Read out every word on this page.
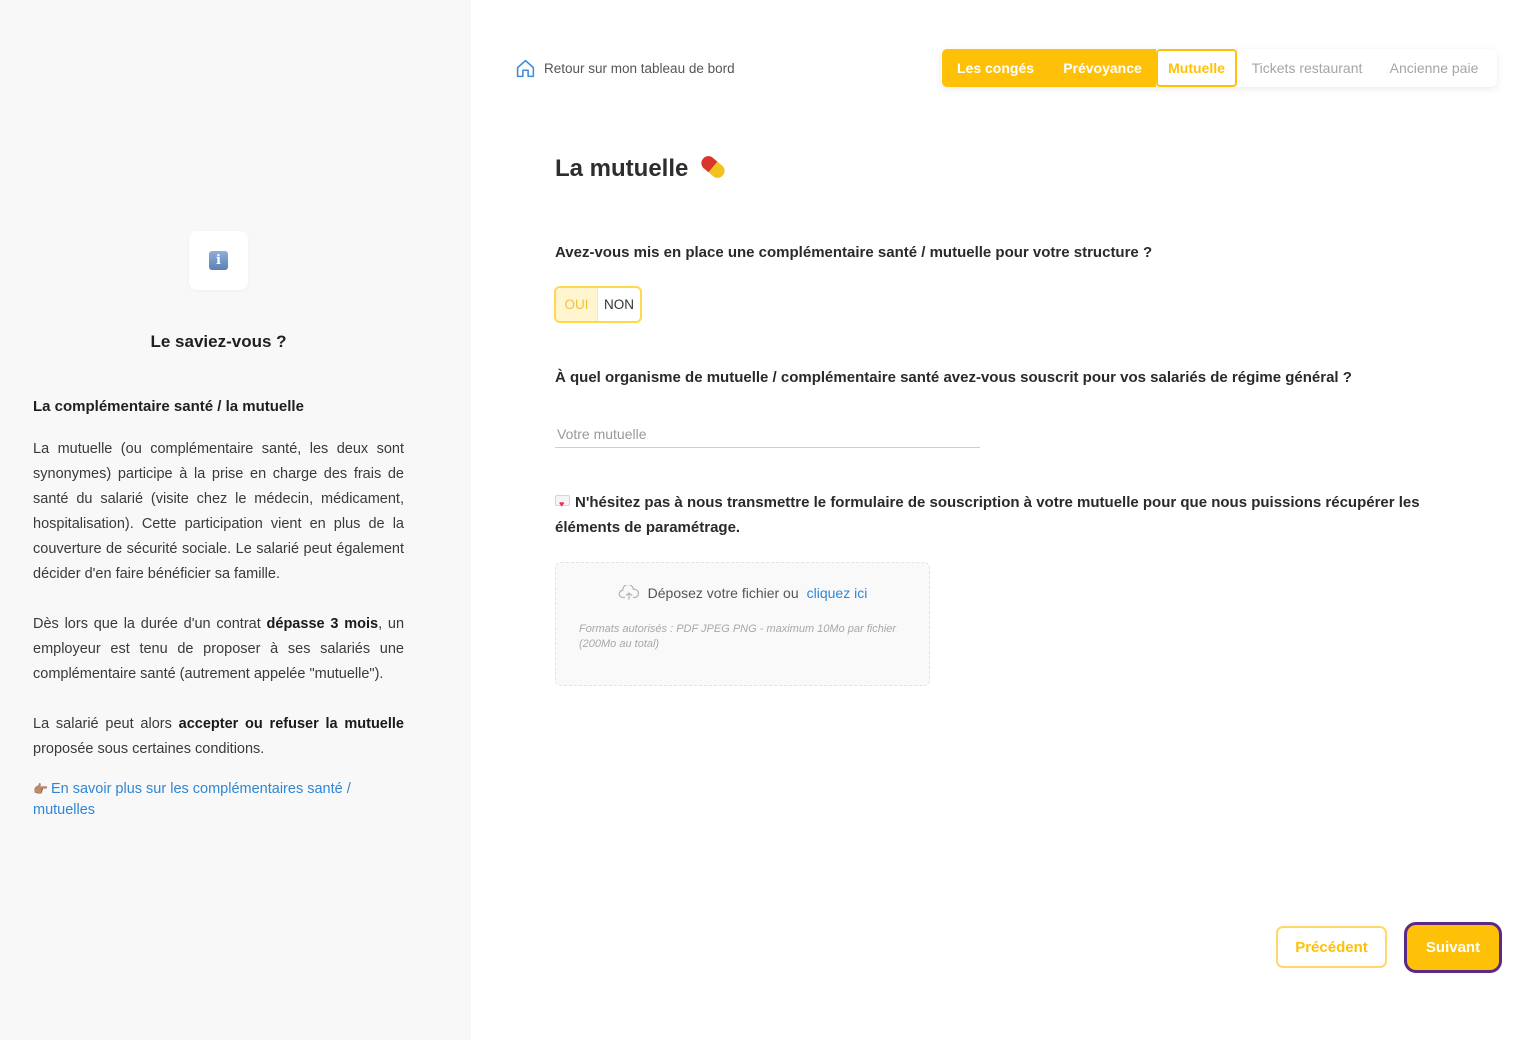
i
Le saviez-vous ?
La complémentaire santé / la mutuelle

La mutuelle (ou complémentaire santé, les deux sont synonymes) participe à la prise en charge des frais de santé du salarié (visite chez le médecin, médicament, hospitalisation). Cette participation vient en plus de la couverture de sécurité sociale. Le salarié peut également décider d'en faire bénéficier sa famille.

Dès lors que la durée d'un contrat dépasse 3 mois, un employeur est tenu de proposer à ses salariés une complémentaire santé (autrement appelée "mutuelle").

La salarié peut alors accepter ou refuser la mutuelle proposée sous certaines conditions.

👉🏽 En savoir plus sur les complémentaires santé / mutuelles
Retour sur mon tableau de bord	Les congés	Prévoyance	Mutuelle	Tickets restaurant	Ancienne paie
La mutuelle
Avez-vous mis en place une complémentaire santé / mutuelle pour votre structure ?
OUI	NON
À quel organisme de mutuelle / complémentaire santé avez-vous souscrit pour vos salariés de régime général ?
Votre mutuelle

♥N'hésitez pas à nous transmettre le formulaire de souscription à votre mutuelle pour que nous puissions récupérer les éléments de paramétrage.

Déposez votre fichier ou cliquez ici
Formats autorisés : PDF JPEG PNG - maximum 10Mo par fichier (200Mo au total)
Précédent	Suivant
